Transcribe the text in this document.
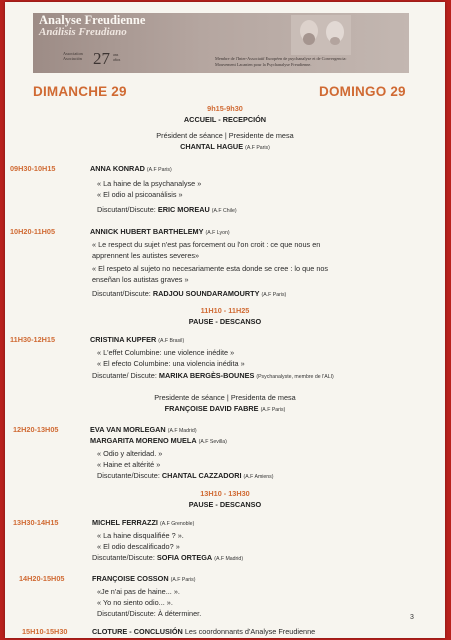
Analyse Freudienne
Análisis Freudiano
Association
Asociación 27 ans
años	Membre de l'Inter-Associatif Européen de psychanalyse et de Convergencia:
Mouvement Lacanien pour la Psychanalyse Freudienne.
DIMANCHE 29	DOMINGO 29
9h15-9h30
ACCUEIL - RECEPCIÓN
Président de séance | Presidente de mesa
CHANTAL HAGUE (A.F Paris)
09H30-10H15	ANNA KONRAD (A.F Paris)
« La haine de la psychanalyse »
« El odio al psicoanálisis »
Discutant/Discute: ERIC MOREAU (A.F Chile)
10H20-11H05	ANNICK HUBERT BARTHELEMY (A.F Lyon)
« Le respect du sujet n'est pas forcement ou l'on croit : ce que nous en
apprennent les autistes severes»
« El respeto al sujeto no necesariamente esta donde se cree : lo que nos
enseñan los autistas graves »
Discutant/Discute: RADJOU SOUNDARAMOURTY (A.F Paris)
11H10 - 11H25
PAUSE - DESCANSO
11H30-12H15	CRISTINA KUPFER (A.F Brasil)
« L'effet Columbine: une violence inédite »
« El efecto Columbine: una violencia inédita »
Discutante/ Discute: MARIKA BERGÈS-BOUNES (Psychanalyste, membre de l'ALI)
Presidente de séance | Presidenta de mesa
FRANÇOISE DAVID FABRE (A.F Paris)
12H20-13H05	EVA VAN MORLEGAN (A.F Madrid)
MARGARITA MORENO MUELA (A.F Sevilla)
« Odio y alteridad. »
« Haine et altérité »
Discutante/Discute: CHANTAL CAZZADORI (A.F Amiens)
13H10 - 13H30
PAUSE - DESCANSO
13H30-14H15	MICHEL FERRAZZI (A.F Grenoble)
« La haine disqualifiée ? ».
« El odio descalificado? »
Discutante/Discute: SOFIA ORTEGA (A.F Madrid)
14H20-15H05	FRANÇOISE COSSON (A.F Paris)
«Je n'ai pas de haine... ».
« Yo no siento odio... ».
Discutant/Discute: À déterminer.
15H10-15H30	CLOTURE - CONCLUSIÓN Les coordonnants d'Analyse Freudienne
3
